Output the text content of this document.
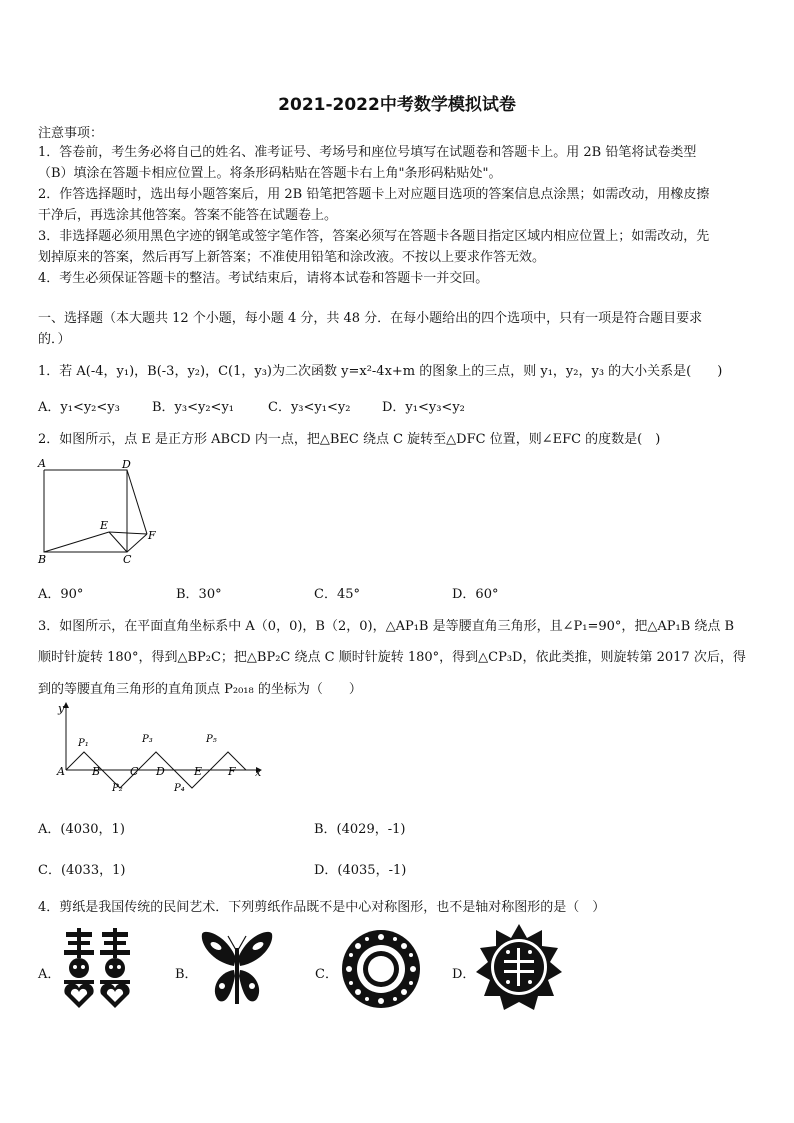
2021-2022中考数学模拟试卷
注意事项：
1．答卷前，考生务必将自己的姓名、准考证号、考场号和座位号填写在试题卷和答题卡上。用 2B 铅笔将试卷类型
（B）填涂在答题卡相应位置上。将条形码粘贴在答题卡右上角"条形码粘贴处"。
2．作答选择题时，选出每小题答案后，用 2B 铅笔把答题卡上对应题目选项的答案信息点涂黑；如需改动，用橡皮擦
干净后，再选涂其他答案。答案不能答在试题卷上。
3．非选择题必须用黑色字迹的钢笔或签字笔作答，答案必须写在答题卡各题目指定区域内相应位置上；如需改动，先
划掉原来的答案，然后再写上新答案；不准使用铅笔和涂改液。不按以上要求作答无效。
4．考生必须保证答题卡的整洁。考试结束后，请将本试卷和答题卡一并交回。
一、选择题（本大题共 12 个小题，每小题 4 分，共 48 分．在每小题给出的四个选项中，只有一项是符合题目要求
的．）
1．若 A(-4，y₁)，B(-3，y₂)，C(1，y₃)为二次函数 y=x²-4x+m 的图象上的三点，则 y₁，y₂，y₃ 的大小关系是(　　)
A．y₁<y₂<y₃ B．y₃<y₂<y₁	C．y₃<y₁<y₂ D．y₁<y₃<y₂
2．如图所示，点 E 是正方形 ABCD 内一点，把△BEC 绕点 C 旋转至△DFC 位置，则∠EFC 的度数是(　)
A	D
E
F
B	C
A．90°	B．30°	C．45°	D．60°
3．如图所示，在平面直角坐标系中 A（0，0)，B（2，0)，△AP₁B 是等腰直角三角形，且∠P₁=90°，把△AP₁B 绕点 B
顺时针旋转 180°，得到△BP₂C；把△BP₂C 绕点 C 顺时针旋转 180°，得到△CP₃D，依此类推，则旋转第 2017 次后，得
到的等腰直角三角形的直角顶点 P₂₀₁₈ 的坐标为（　　）
y
x
A B	C D	E F
P₁
P₂
P₃
P₄
P₅
A．(4030，1)	B．(4029，-1)
C．(4033，1)	D．(4035，-1)
4．剪纸是我国传统的民间艺术．下列剪纸作品既不是中心对称图形，也不是轴对称图形的是（　）
A．	B．	C．	D．
